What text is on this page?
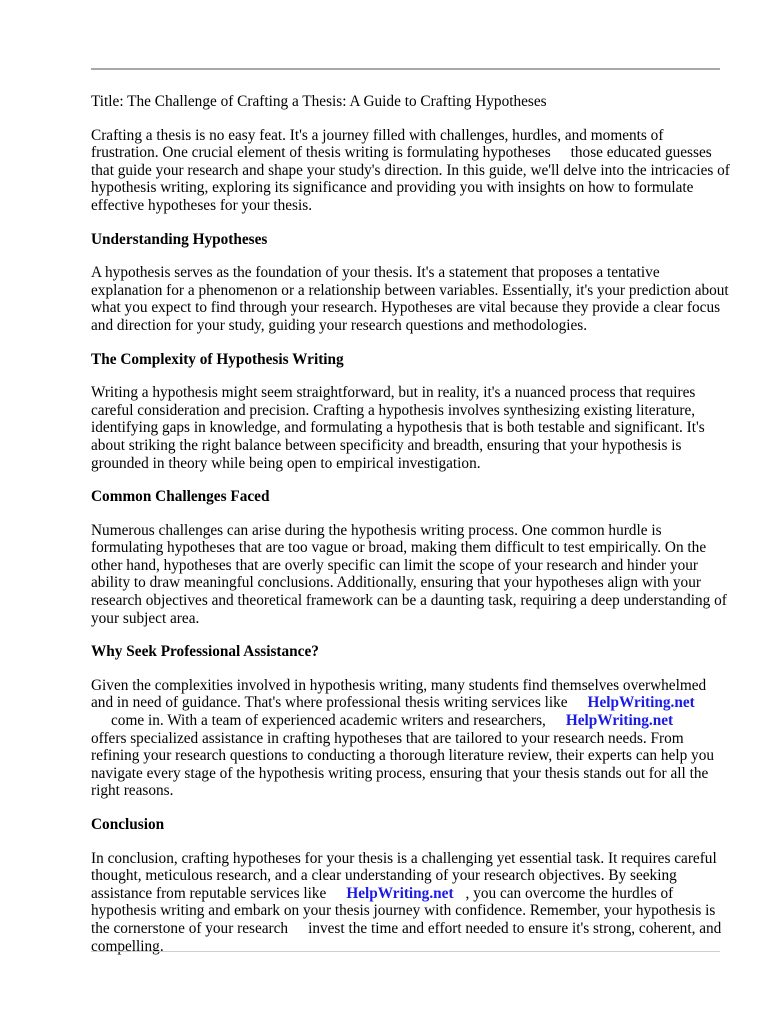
Title: The Challenge of Crafting a Thesis: A Guide to Crafting Hypotheses

Crafting a thesis is no easy feat. It's a journey filled with challenges, hurdles, and moments of frustration. One crucial element of thesis writing is formulating hypotheses those educated guesses that guide your research and shape your study's direction. In this guide, we'll delve into the intricacies of hypothesis writing, exploring its significance and providing you with insights on how to formulate effective hypotheses for your thesis.

Understanding Hypotheses

A hypothesis serves as the foundation of your thesis. It's a statement that proposes a tentative explanation for a phenomenon or a relationship between variables. Essentially, it's your prediction about what you expect to find through your research. Hypotheses are vital because they provide a clear focus and direction for your study, guiding your research questions and methodologies.

The Complexity of Hypothesis Writing

Writing a hypothesis might seem straightforward, but in reality, it's a nuanced process that requires careful consideration and precision. Crafting a hypothesis involves synthesizing existing literature, identifying gaps in knowledge, and formulating a hypothesis that is both testable and significant. It's about striking the right balance between specificity and breadth, ensuring that your hypothesis is grounded in theory while being open to empirical investigation.

Common Challenges Faced

Numerous challenges can arise during the hypothesis writing process. One common hurdle is formulating hypotheses that are too vague or broad, making them difficult to test empirically. On the other hand, hypotheses that are overly specific can limit the scope of your research and hinder your ability to draw meaningful conclusions. Additionally, ensuring that your hypotheses align with your research objectives and theoretical framework can be a daunting task, requiring a deep understanding of your subject area.

Why Seek Professional Assistance?

Given the complexities involved in hypothesis writing, many students find themselves overwhelmed and in need of guidance. That's where professional thesis writing services like HelpWriting.net
come in. With a team of experienced academic writers and researchers, HelpWriting.net
offers specialized assistance in crafting hypotheses that are tailored to your research needs. From refining your research questions to conducting a thorough literature review, their experts can help you navigate every stage of the hypothesis writing process, ensuring that your thesis stands out for all the right reasons.

Conclusion

In conclusion, crafting hypotheses for your thesis is a challenging yet essential task. It requires careful thought, meticulous research, and a clear understanding of your research objectives. By seeking assistance from reputable services like HelpWriting.net , you can overcome the hurdles of hypothesis writing and embark on your thesis journey with confidence. Remember, your hypothesis is the cornerstone of your research invest the time and effort needed to ensure it's strong, coherent, and compelling.
